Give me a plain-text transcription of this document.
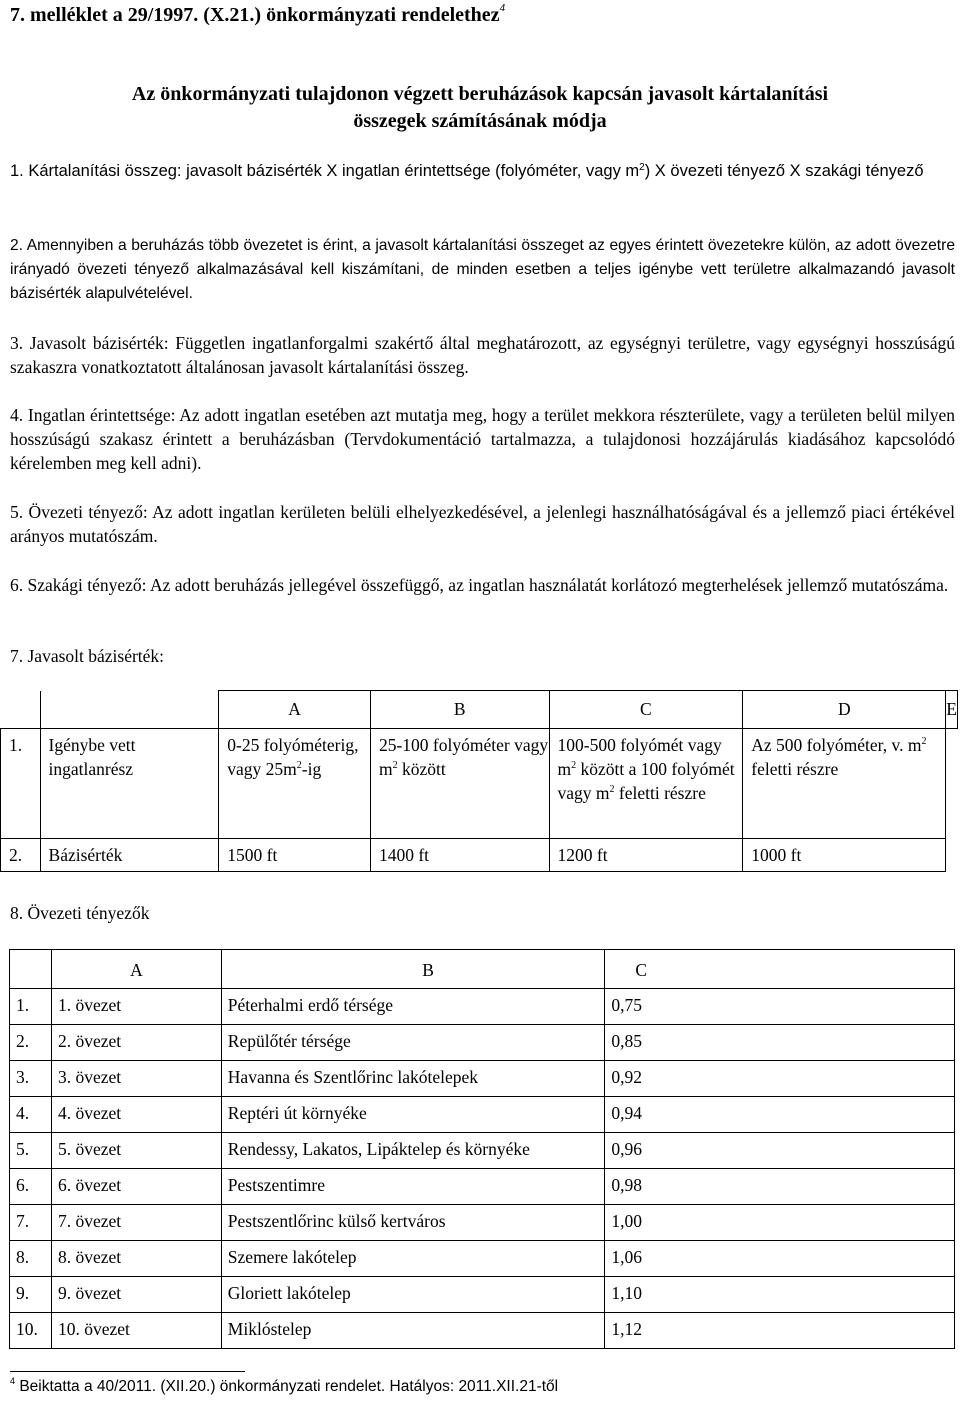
7. melléklet a 29/1997. (X.21.) önkormányzati rendelethez$^4$
Az önkormányzati tulajdonon végzett beruházások kapcsán javasolt kártalanítási
összegek számításának módja

1. Kártalanítási összeg: javasolt bázisérték X ingatlan érintettsége (folyóméter, vagy $m^2$) X övezeti tényező X szakági tényező

2. Amennyiben a beruházás több övezetet is érint, a javasolt kártalanítási összeget az egyes érintett övezetekre külön, az adott övezetre irányadó övezeti tényező alkalmazásával kell kiszámítani, de minden esetben a teljes igénybe vett területre alkalmazandó javasolt bázisérték alapulvételével.

3. Javasolt bázisérték: Független ingatlanforgalmi szakértő által meghatározott, az egységnyi területre, vagy egységnyi hosszúságú szakaszra vonatkoztatott általánosan javasolt kártalanítási összeg.

4. Ingatlan érintettsége: Az adott ingatlan esetében azt mutatja meg, hogy a terület mekkora részterülete, vagy a területen belül milyen hosszúságú szakasz érintett a beruházásban (Tervdokumentáció tartalmazza, a tulajdonosi hozzájárulás kiadásához kapcsolódó kérelemben meg kell adni).

5. Övezeti tényező: Az adott ingatlan kerületen belüli elhelyezkedésével, a jelenlegi használhatóságával és a jellemző piaci értékével arányos mutatószám.

6. Szakági tényező: Az adott beruházás jellegével összefüggő, az ingatlan használatát korlátozó megterhelések jellemző mutatószáma.

7. Javasolt bázisérték:

		A	B	C	D	E
1.	Igénybe vett ingatlanrész	0-25 folyóméterig, vagy $25m^2-ig$	25-100 folyóméter vagy $m^2$ között	100-500 folyómét vagy $m^2$ között a 100 folyómét vagy $m^2$ feletti részre	Az 500 folyóméter, v. $m^2$ feletti részre	
2.	Bázisérték	1500 ft	1400 ft	1200 ft	1000 ft	

8. Övezeti tényezők

	A	B	C
1.	1. övezet	Péterhalmi erdő térsége	0,75
2.	2. övezet	Repülőtér térsége	0,85
3.	3. övezet	Havanna és Szentlőrinc lakótelepek	0,92
4.	4. övezet	Reptéri út környéke	0,94
5.	5. övezet	Rendessy, Lakatos, Lipáktelep és környéke	0,96
6.	6. övezet	Pestszentimre	0,98
7.	7. övezet	Pestszentlőrinc külső kertváros	1,00
8.	8. övezet	Szemere lakótelep	1,06
9.	9. övezet	Gloriett lakótelep	1,10
10.	10. övezet	Miklóstelep	1,12

$^4$ Beiktatta a 40/2011. (XII.20.) önkormányzati rendelet. Hatályos: 2011.XII.21-től
